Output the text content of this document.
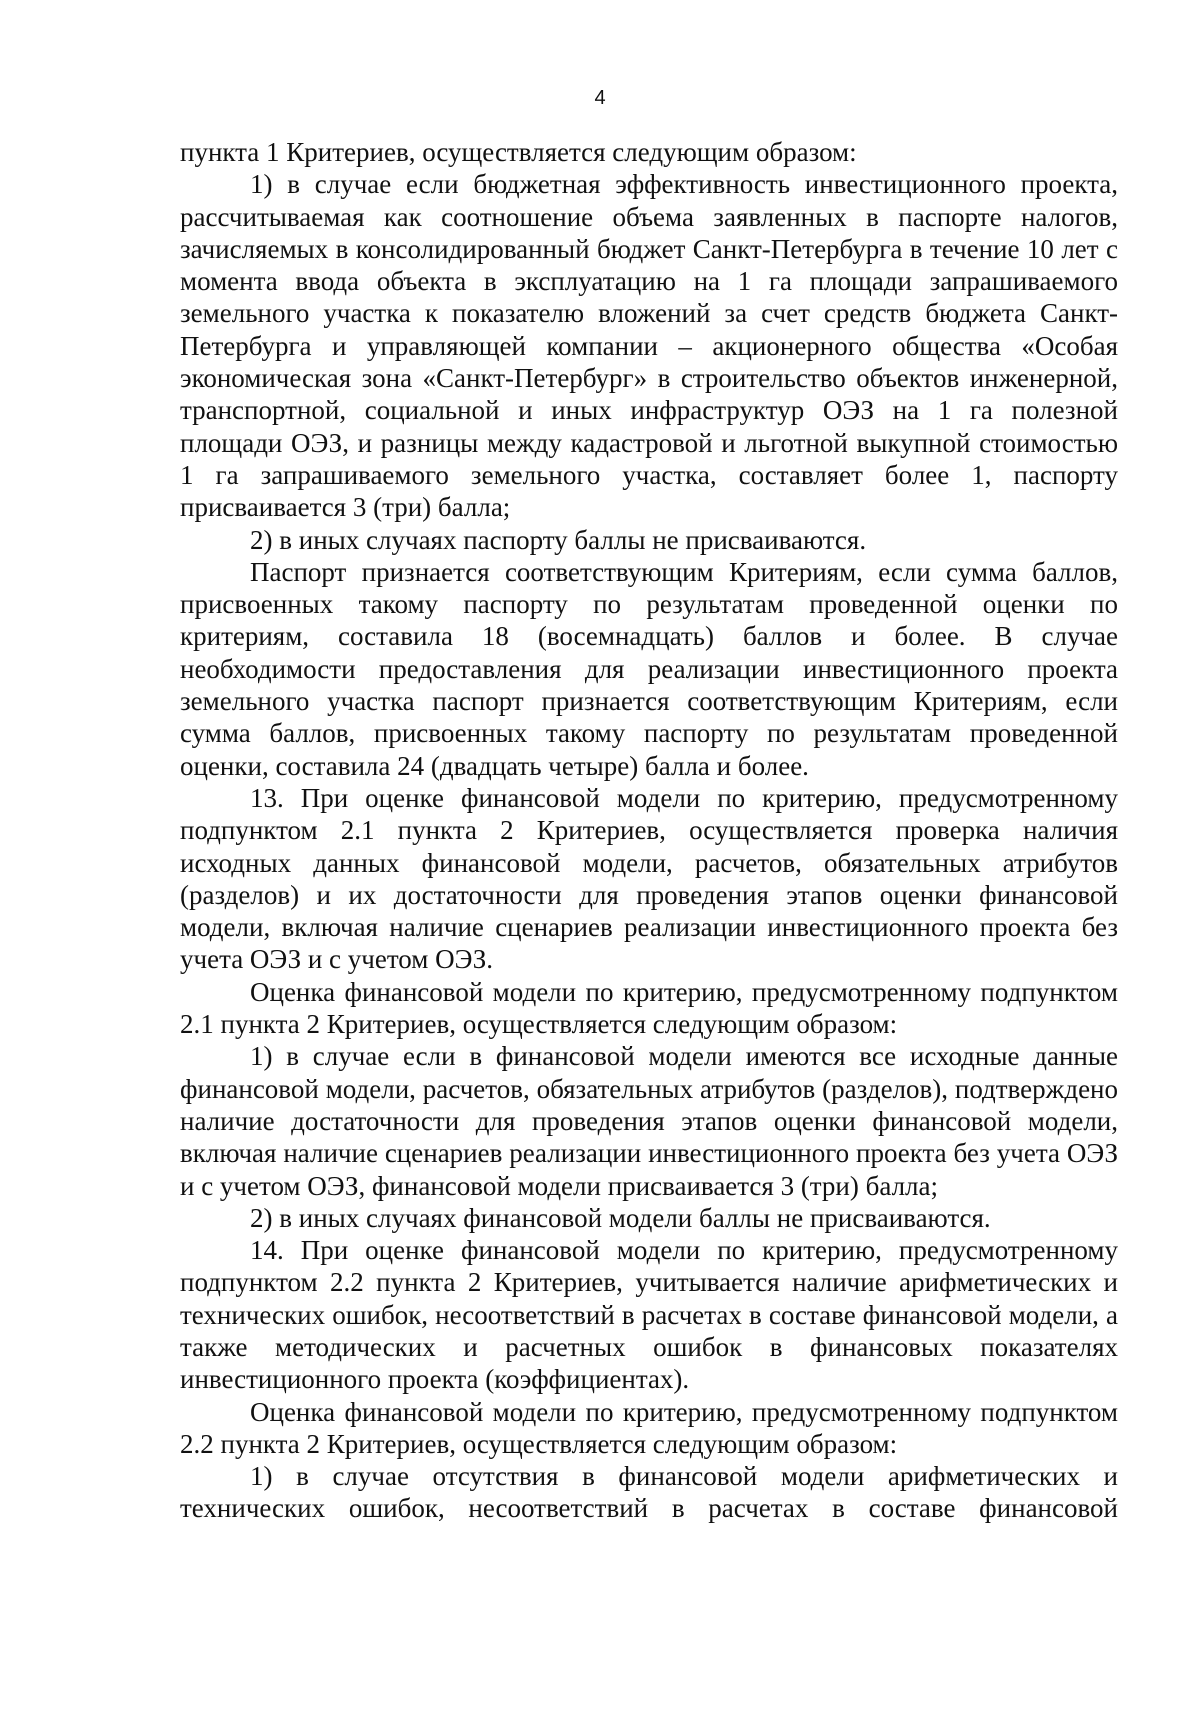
4

пункта 1 Критериев, осуществляется следующим образом:

1) в случае если бюджетная эффективность инвестиционного проекта, рассчитываемая как соотношение объема заявленных в паспорте налогов, зачисляемых в консолидированный бюджет Санкт-Петербурга в течение 10 лет с момента ввода объекта в эксплуатацию на 1 га площади запрашиваемого земельного участка к показателю вложений за счет средств бюджета Санкт-Петербурга и управляющей компании – акционерного общества «Особая экономическая зона «Санкт-Петербург» в строительство объектов инженерной, транспортной, социальной и иных инфраструктур ОЭЗ на 1 га полезной площади ОЭЗ, и разницы между кадастровой и льготной выкупной стоимостью 1 га запрашиваемого земельного участка, составляет более 1, паспорту присваивается 3 (три) балла;

2) в иных случаях паспорту баллы не присваиваются.

Паспорт признается соответствующим Критериям, если сумма баллов, присвоенных такому паспорту по результатам проведенной оценки по критериям, составила 18 (восемнадцать) баллов и более. В случае необходимости предоставления для реализации инвестиционного проекта земельного участка паспорт признается соответствующим Критериям, если сумма баллов, присвоенных такому паспорту по результатам проведенной оценки, составила 24 (двадцать четыре) балла и более.

13. При оценке финансовой модели по критерию, предусмотренному подпунктом 2.1 пункта 2 Критериев, осуществляется проверка наличия исходных данных финансовой модели, расчетов, обязательных атрибутов (разделов) и их достаточности для проведения этапов оценки финансовой модели, включая наличие сценариев реализации инвестиционного проекта без учета ОЭЗ и с учетом ОЭЗ.

Оценка финансовой модели по критерию, предусмотренному подпунктом 2.1 пункта 2 Критериев, осуществляется следующим образом:

1) в случае если в финансовой модели имеются все исходные данные финансовой модели, расчетов, обязательных атрибутов (разделов), подтверждено наличие достаточности для проведения этапов оценки финансовой модели, включая наличие сценариев реализации инвестиционного проекта без учета ОЭЗ и с учетом ОЭЗ, финансовой модели присваивается 3 (три) балла;

2) в иных случаях финансовой модели баллы не присваиваются.

14. При оценке финансовой модели по критерию, предусмотренному подпунктом 2.2 пункта 2 Критериев, учитывается наличие арифметических и технических ошибок, несоответствий в расчетах в составе финансовой модели, а также методических и расчетных ошибок в финансовых показателях инвестиционного проекта (коэффициентах).

Оценка финансовой модели по критерию, предусмотренному подпунктом 2.2 пункта 2 Критериев, осуществляется следующим образом:

1) в случае отсутствия в финансовой модели арифметических и технических ошибок, несоответствий в расчетах в составе финансовой
